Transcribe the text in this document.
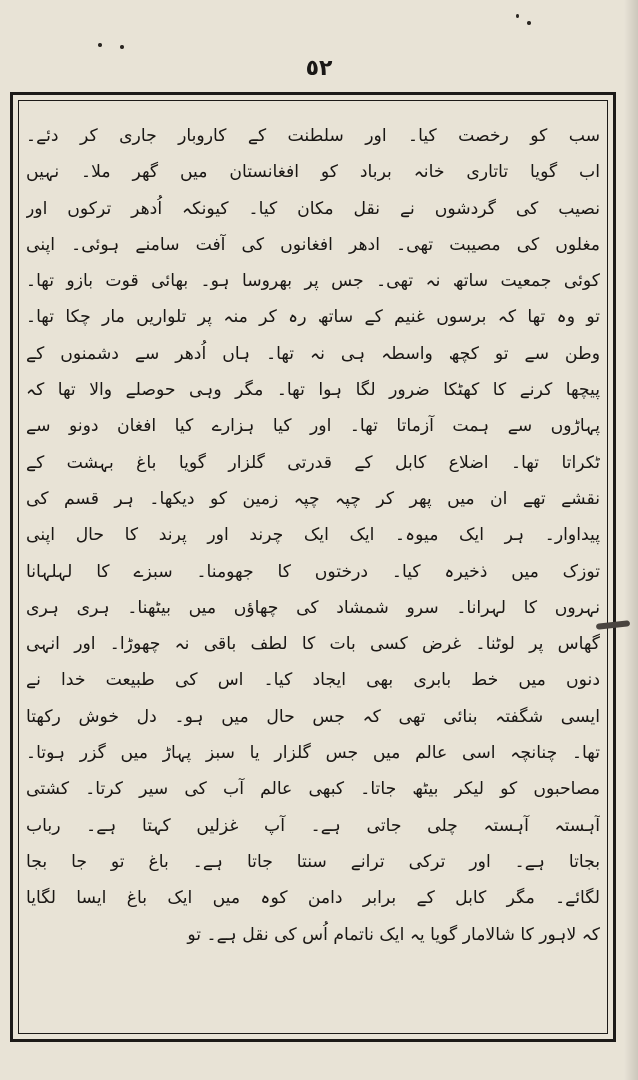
٥٢
سب کو رخصت کیا۔ اور سلطنت کے کاروبار جاری کر دئے۔
اب گویا تاتاری خانہ برباد کو افغانستان میں گھر ملا۔ نہیں
نصیب کی گردشوں نے نقل مکان کیا۔ کیونکہ اُدھر ترکوں اور
مغلوں کی مصیبت تھی۔ ادھر افغانوں کی آفت سامنے ہوئی۔ اپنی
کوئی جمعیت ساتھ نہ تھی۔ جس پر بھروسا ہو۔ بھائی قوت بازو تھا۔
تو وہ تھا کہ برسوں غنیم کے ساتھ رہ کر منہ پر تلواریں مار چکا تھا۔
وطن سے تو کچھ واسطہ ہی نہ تھا۔ ہاں اُدھر سے دشمنوں کے
پیچھا کرنے کا کھٹکا ضرور لگا ہوا تھا۔ مگر وہی حوصلے والا تھا کہ
پہاڑوں سے ہمت آزماتا تھا۔ اور کیا ہزارے کیا افغان دونو سے
ٹکراتا تھا۔ اضلاع کابل کے قدرتی گلزار گویا باغ بہشت کے
نقشے تھے ان میں پھر کر چپہ چپہ زمین کو دیکھا۔ ہر قسم کی
پیداوار۔ ہر ایک میوہ۔ ایک ایک چرند اور پرند کا حال اپنی
توزک میں ذخیرہ کیا۔ درختوں کا جھومنا۔ سبزے کا لہلہانا
نہروں کا لہرانا۔ سرو شمشاد کی چھاؤں میں بیٹھنا۔ ہری ہری
گھاس پر لوٹنا۔ غرض کسی بات کا لطف باقی نہ چھوڑا۔ اور انہی
دنوں میں خط بابری بھی ایجاد کیا۔ اس کی طبیعت خدا نے
ایسی شگفتہ بنائی تھی کہ جس حال میں ہو۔ دل خوش رکھتا
تھا۔ چنانچہ اسی عالم میں جس گلزار یا سبز پہاڑ میں گزر ہوتا۔
مصاحبوں کو لیکر بیٹھ جاتا۔ کبھی عالم آب کی سیر کرتا۔ کشتی
آہستہ آہستہ چلی جاتی ہے۔ آپ غزلیں کہتا ہے۔ رباب
بجاتا ہے۔ اور ترکی ترانے سنتا جاتا ہے۔ باغ تو جا بجا
لگائے۔ مگر کابل کے برابر دامن کوہ میں ایک باغ ایسا لگایا
کہ لاہور کا شالامار گویا یہ ایک ناتمام اُس کی نقل ہے۔ تو
